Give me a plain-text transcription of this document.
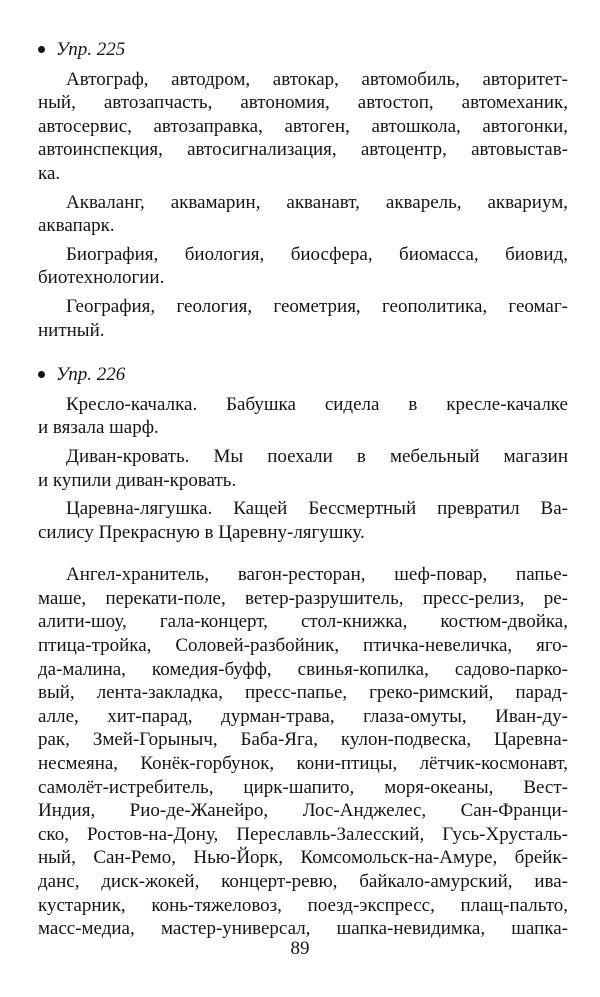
Упр. 225
Автограф, автодром, автокар, автомобиль, авторитет-
ный, автозапчасть, автономия, автостоп, автомеханик,
автосервис, автозаправка, автоген, автошкола, автогонки,
автоинспекция, автосигнализация, автоцентр, автовыстав-
ка.
Акваланг, аквамарин, акванавт, акварель, аквариум,
аквапарк.
Биография, биология, биосфера, биомасса, биовид,
биотехнологии.
География, геология, геометрия, геополитика, геомаг-
нитный.
Упр. 226
Кресло-качалка. Бабушка сидела в кресле-качалке
и вязала шарф.
Диван-кровать. Мы поехали в мебельный магазин
и купили диван-кровать.
Царевна-лягушка. Кащей Бессмертный превратил Ва-
силису Прекрасную в Царевну-лягушку.
Ангел-хранитель, вагон-ресторан, шеф-повар, папье-
маше, перекати-поле, ветер-разрушитель, пресс-релиз, ре-
алити-шоу, гала-концерт, стол-книжка, костюм-двойка,
птица-тройка, Соловей-разбойник, птичка-невеличка, яго-
да-малина, комедия-буфф, свинья-копилка, садово-парко-
вый, лента-закладка, пресс-папье, греко-римский, парад-
алле, хит-парад, дурман-трава, глаза-омуты, Иван-ду-
рак, Змей-Горыныч, Баба-Яга, кулон-подвеска, Царевна-
несмеяна, Конёк-горбунок, кони-птицы, лётчик-космонавт,
самолёт-истребитель, цирк-шапито, моря-океаны, Вест-
Индия, Рио-де-Жанейро, Лос-Анджелес, Сан-Франци-
ско, Ростов-на-Дону, Переславль-Залесский, Гусь-Хрусталь-
ный, Сан-Ремо, Нью-Йорк, Комсомольск-на-Амуре, брейк-
данс, диск-жокей, концерт-ревю, байкало-амурский, ива-
кустарник, конь-тяжеловоз, поезд-экспресс, плащ-пальто,
масс-медиа, мастер-универсал, шапка-невидимка, шапка-
89
